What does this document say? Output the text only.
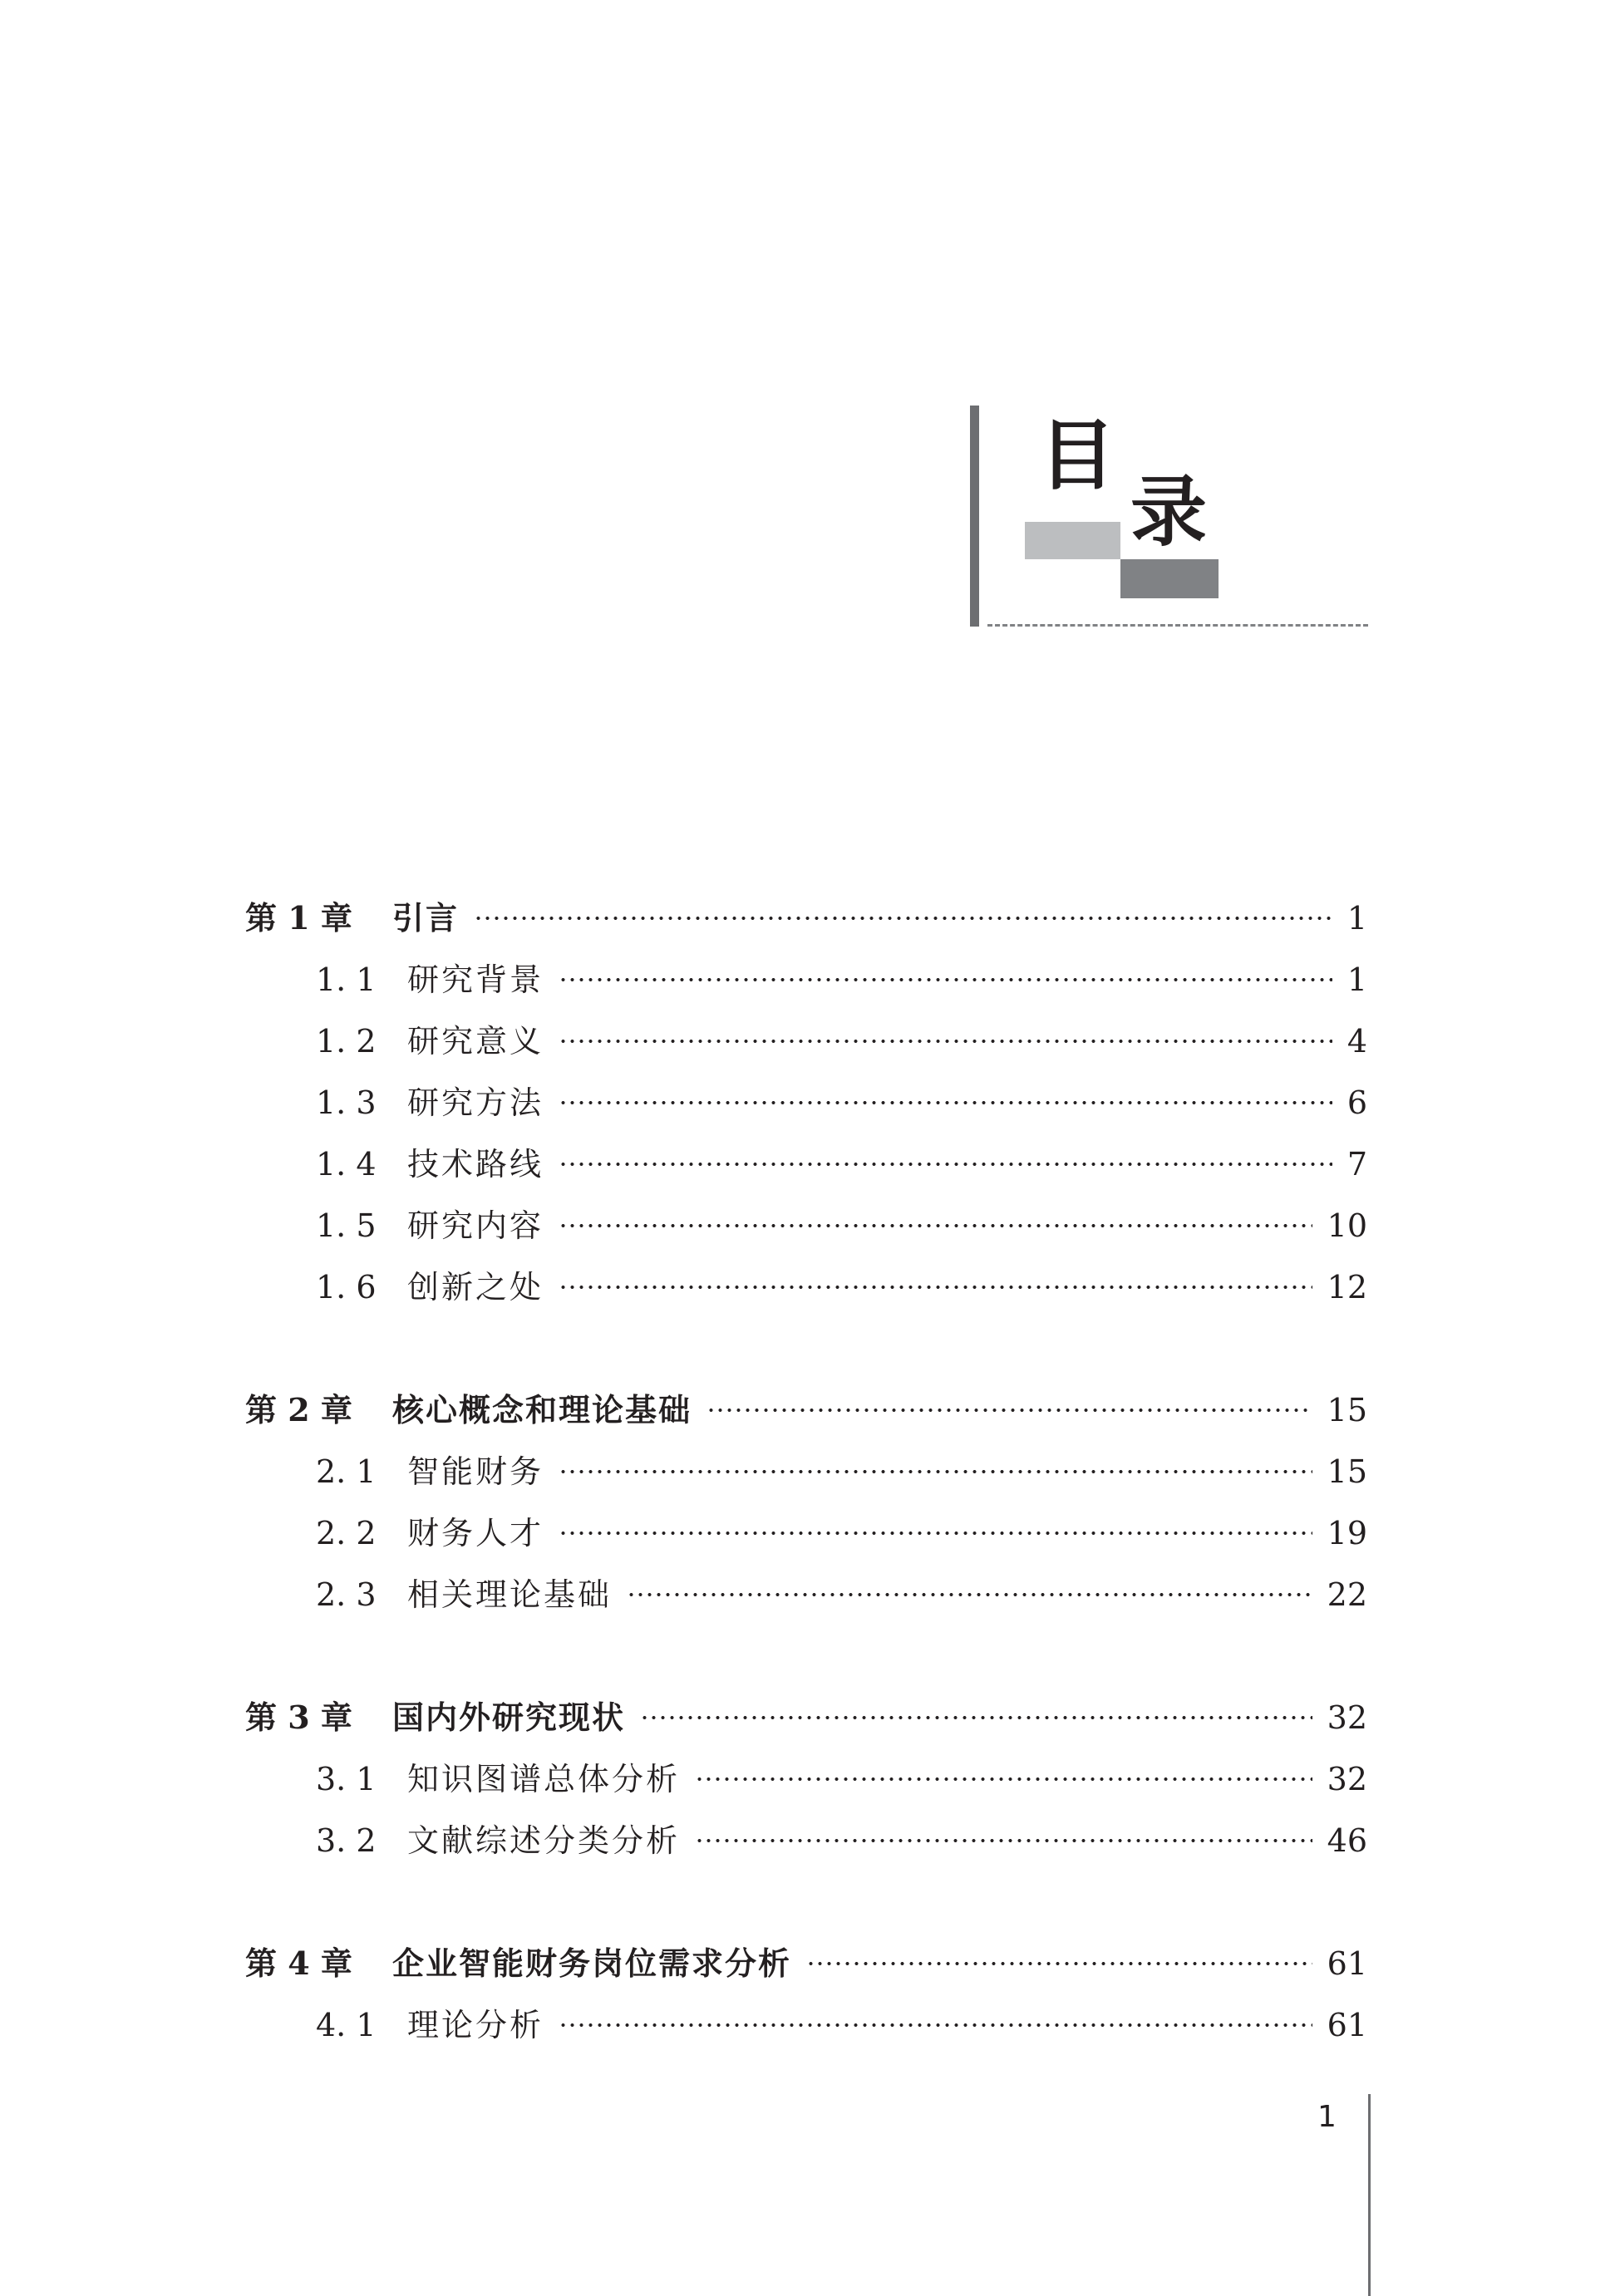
目
录
第 1 章	引言	1
1. 1 研究背景	1
1. 2 研究意义	4
1. 3 研究方法	6
1. 4 技术路线	7
1. 5 研究内容	10
1. 6 创新之处	12
第 2 章	核心概念和理论基础	15
2. 1 智能财务	15
2. 2 财务人才	19
2. 3 相关理论基础	22
第 3 章	国内外研究现状	32
3. 1 知识图谱总体分析	32
3. 2 文献综述分类分析	46
第 4 章	企业智能财务岗位需求分析	61
4. 1 理论分析	61
1
